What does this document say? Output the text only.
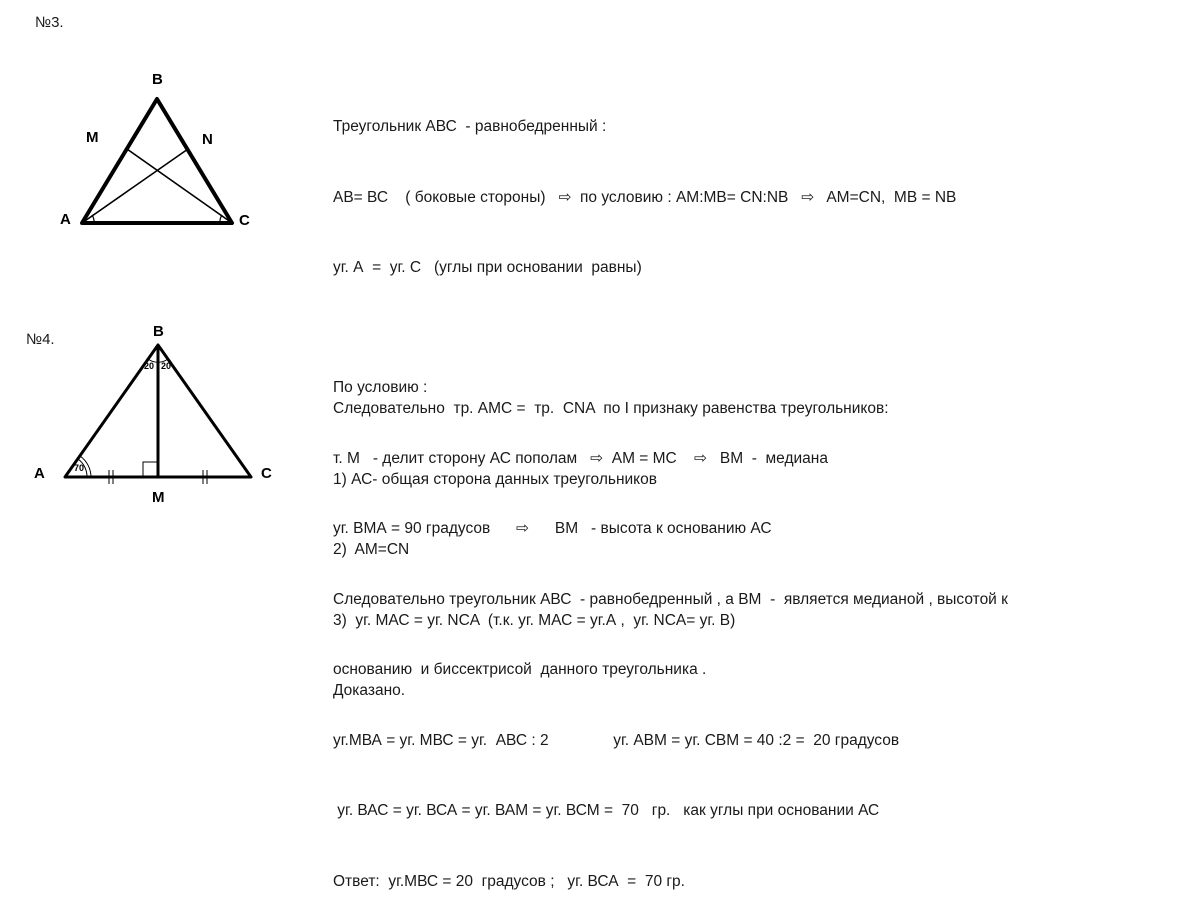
№3.
B
M	N
A	C

Треугольник АВС  - равнобедренный :

АВ= ВС    ( боковые стороны)   ⇨  по условию : АМ:МВ= CN:NB   ⇨   AM=CN,  MB = NB

уг. А  =  уг. С   (углы при основании  равны)

Следовательно  тр. АМС =  тр.  CNA  по I признаку равенства треугольников:

1) АС- общая сторона данных треугольников

2)  AM=CN

3)  уг. МАС = уг. NCA  (т.к. уг. МАС = уг.А ,  уг. NCA= уг. В)

Доказано.

№4.
20 20
70
B
A	C
M

По условию :

т. М   - делит сторону АС пополам   ⇨  АМ = МС    ⇨   ВМ  -  медиана

уг. ВМА = 90 градусов      ⇨      ВМ   - высота к основанию АС

Следовательно треугольник АВС  - равнобедренный , а ВМ  -  является медианой , высотой к

основанию  и биссектрисой  данного треугольника .

уг.МВА = уг. МВС = уг.  АВС : 2               уг. АВМ = уг. СВМ = 40 :2 =  20 градусов

уг. ВАС = уг. ВСА = уг. ВАМ = уг. ВСМ =  70   гр.   как углы при основании АС

Ответ:  уг.МВС = 20  градусов ;   уг. ВСА  =  70 гр.
